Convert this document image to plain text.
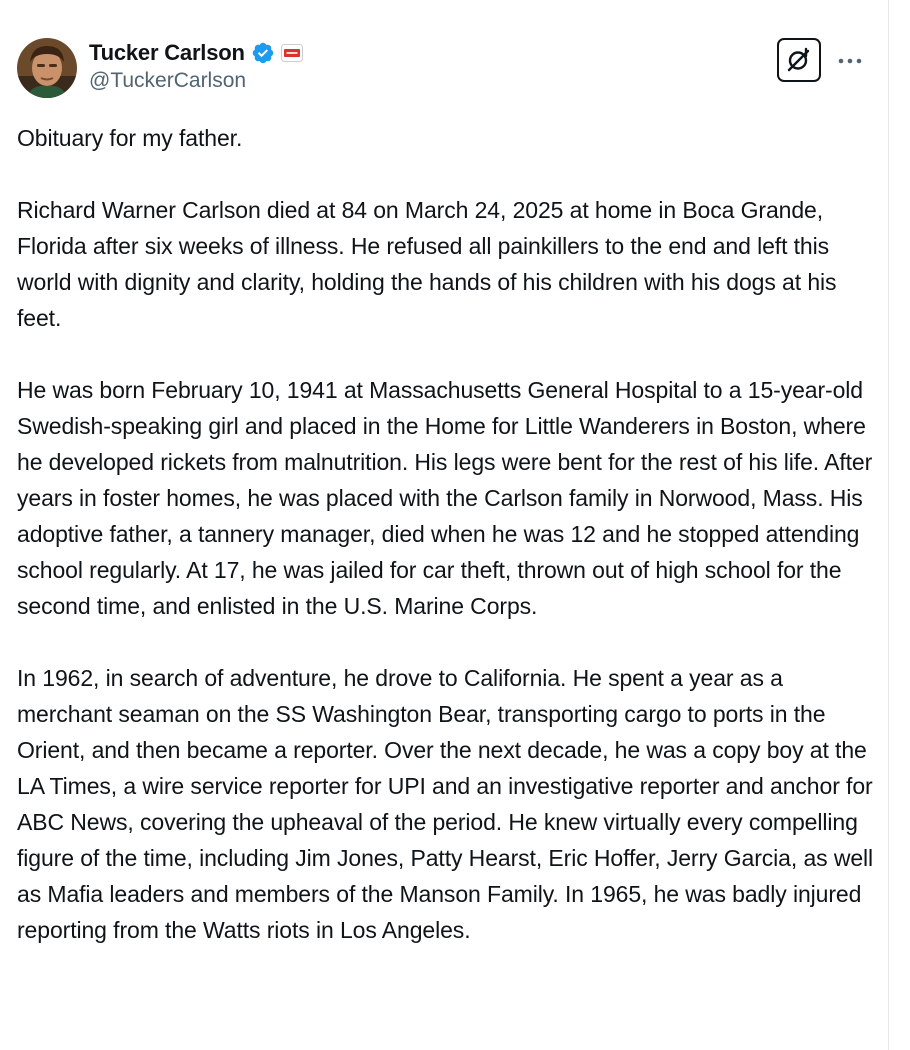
Tucker Carlson
@TuckerCarlson

Obituary for my father.

Richard Warner Carlson died at 84 on March 24, 2025 at home in Boca Grande, Florida after six weeks of illness. He refused all painkillers to the end and left this world with dignity and clarity, holding the hands of his children with his dogs at his feet.

He was born February 10, 1941 at Massachusetts General Hospital to a 15-year-old Swedish-speaking girl and placed in the Home for Little Wanderers in Boston, where he developed rickets from malnutrition. His legs were bent for the rest of his life. After years in foster homes, he was placed with the Carlson family in Norwood, Mass. His adoptive father, a tannery manager, died when he was 12 and he stopped attending school regularly. At 17, he was jailed for car theft, thrown out of high school for the second time, and enlisted in the U.S. Marine Corps.

In 1962, in search of adventure, he drove to California. He spent a year as a merchant seaman on the SS Washington Bear, transporting cargo to ports in the Orient, and then became a reporter. Over the next decade, he was a copy boy at the LA Times, a wire service reporter for UPI and an investigative reporter and anchor for ABC News, covering the upheaval of the period. He knew virtually every compelling figure of the time, including Jim Jones, Patty Hearst, Eric Hoffer, Jerry Garcia, as well as Mafia leaders and members of the Manson Family. In 1965, he was badly injured reporting from the Watts riots in Los Angeles.
